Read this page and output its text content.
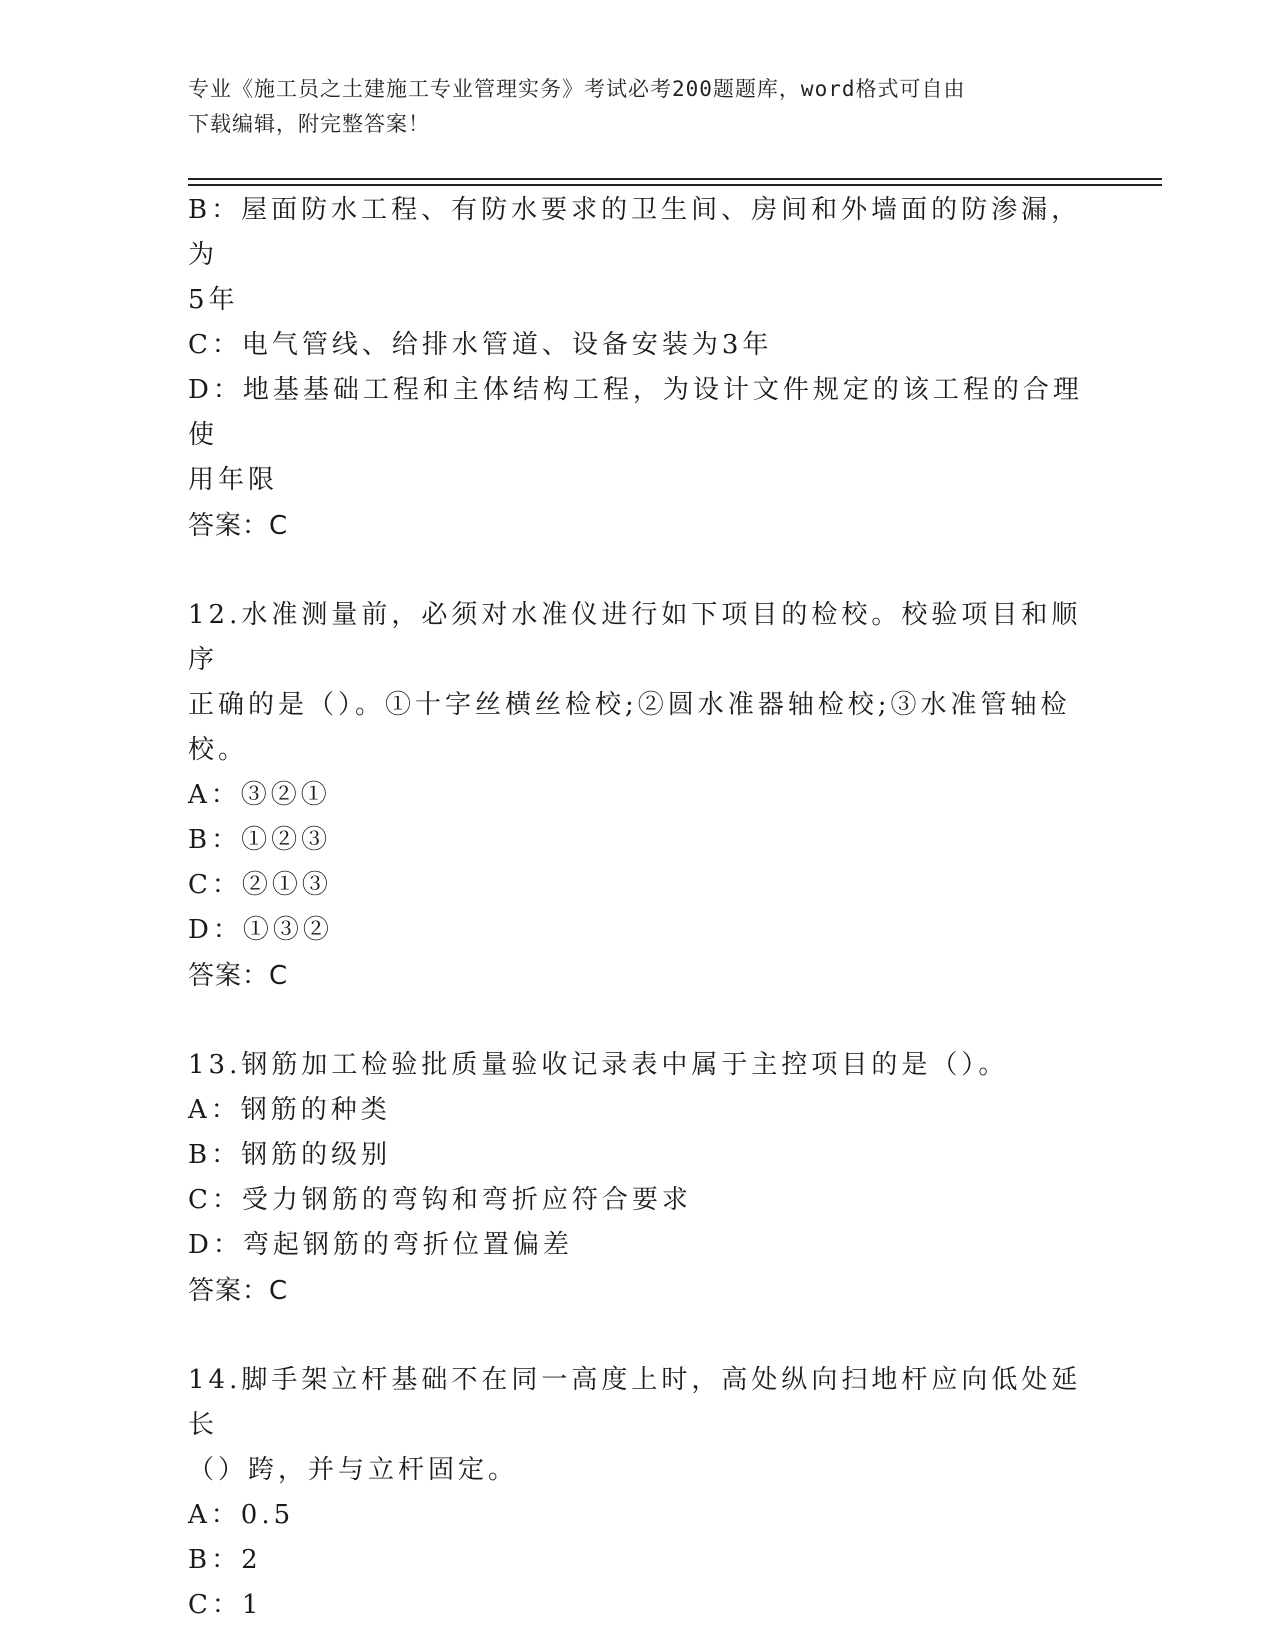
专业《施工员之土建施工专业管理实务》考试必考200题题库，word格式可自由
下载编辑，附完整答案！

B：屋面防水工程、有防水要求的卫生间、房间和外墙面的防渗漏，为

5年

C：电气管线、给排水管道、设备安装为3年

D：地基基础工程和主体结构工程，为设计文件规定的该工程的合理使

用年限

答案：C

12.水准测量前，必须对水准仪进行如下项目的检校。校验项目和顺序

正确的是（）。①十字丝横丝检校;②圆水准器轴检校;③水准管轴检

校。

A：③②①

B：①②③

C：②①③

D：①③②

答案：C

13.钢筋加工检验批质量验收记录表中属于主控项目的是（）。

A：钢筋的种类

B：钢筋的级别

C：受力钢筋的弯钩和弯折应符合要求

D：弯起钢筋的弯折位置偏差

答案：C

14.脚手架立杆基础不在同一高度上时，高处纵向扫地杆应向低处延长

（）跨，并与立杆固定。

A：0.5

B：2

C：1
